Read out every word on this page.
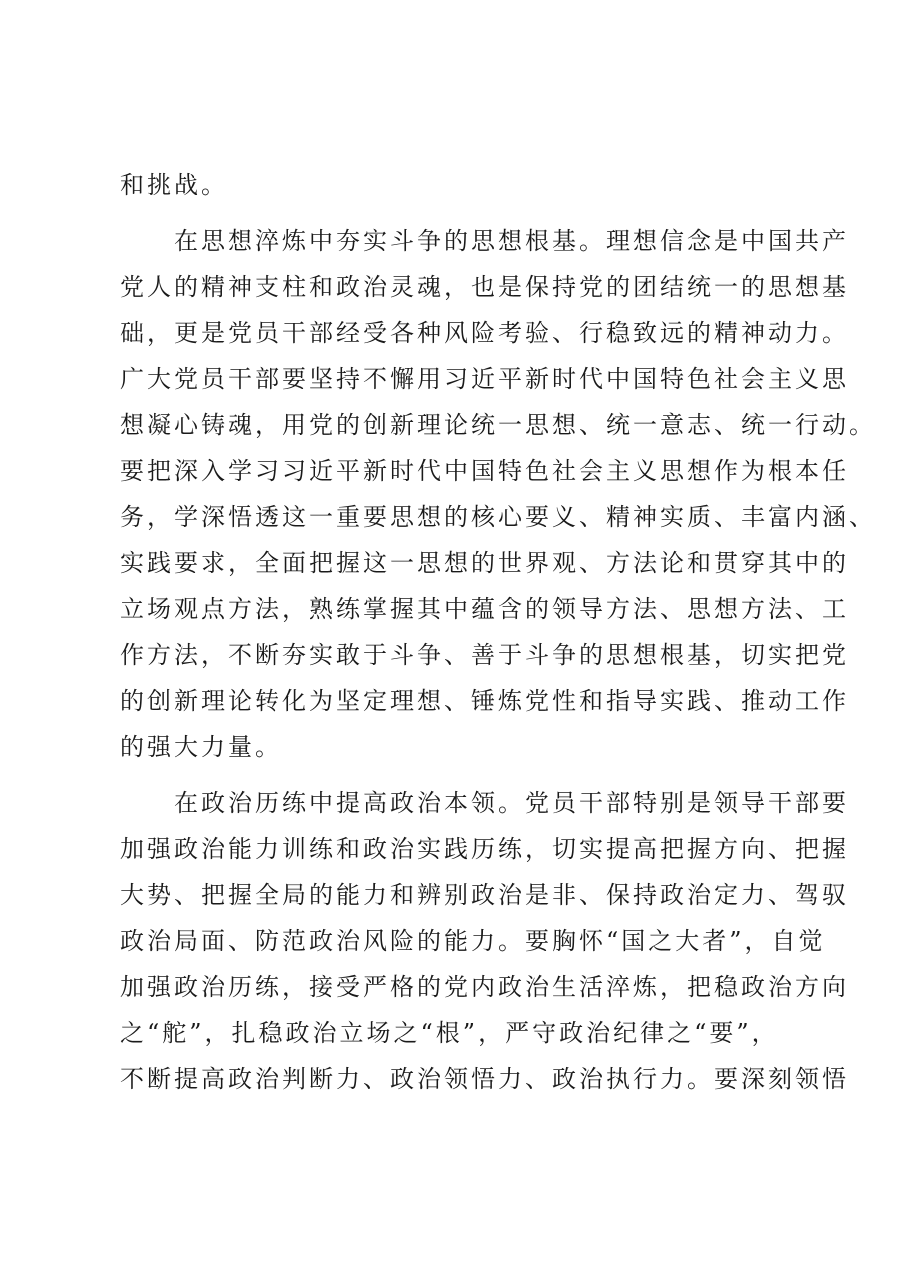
和挑战。
　　在思想淬炼中夯实斗争的思想根基。理想信念是中国共产
党人的精神支柱和政治灵魂，也是保持党的团结统一的思想基
础，更是党员干部经受各种风险考验、行稳致远的精神动力。
广大党员干部要坚持不懈用习近平新时代中国特色社会主义思
想凝心铸魂，用党的创新理论统一思想、统一意志、统一行动。
要把深入学习习近平新时代中国特色社会主义思想作为根本任
务，学深悟透这一重要思想的核心要义、精神实质、丰富内涵、
实践要求，全面把握这一思想的世界观、方法论和贯穿其中的
立场观点方法，熟练掌握其中蕴含的领导方法、思想方法、工
作方法，不断夯实敢于斗争、善于斗争的思想根基，切实把党
的创新理论转化为坚定理想、锤炼党性和指导实践、推动工作
的强大力量。
　　在政治历练中提高政治本领。党员干部特别是领导干部要
加强政治能力训练和政治实践历练，切实提高把握方向、把握
大势、把握全局的能力和辨别政治是非、保持政治定力、驾驭
政治局面、防范政治风险的能力。要胸怀“国之大者”，自觉
加强政治历练，接受严格的党内政治生活淬炼，把稳政治方向
之“舵”，扎稳政治立场之“根”，严守政治纪律之“要”，
不断提高政治判断力、政治领悟力、政治执行力。要深刻领悟
